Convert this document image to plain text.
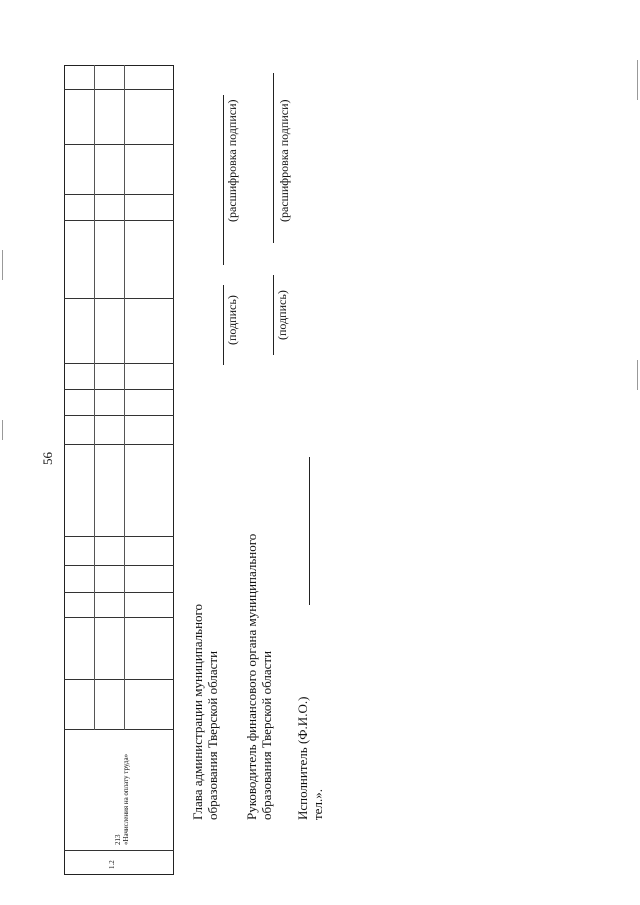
56
1.2
213 «Начисления на оплату труда»	Глава администрации муниципального образования Тверской области
(подпись)
(расшифровка подписи)
Руководитель финансового органа муниципального образования Тверской области
(подпись)
(расшифровка подписи)
Исполнитель (Ф.И.О.) тел.».
